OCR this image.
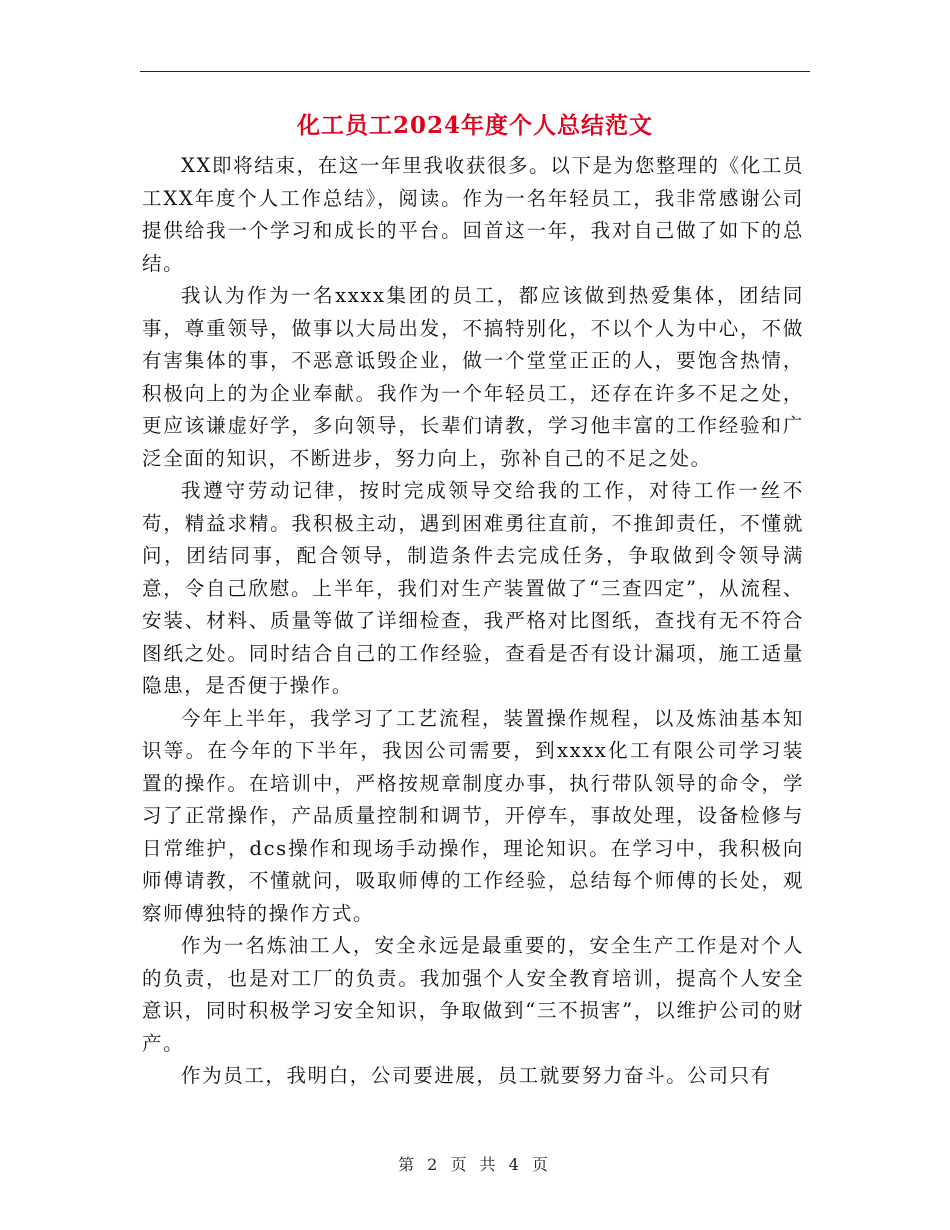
化工员工2024年度个人总结范文

XX即将结束，在这一年里我收获很多。以下是为您整理的《化工员工XX年度个人工作总结》，阅读。作为一名年轻员工，我非常感谢公司提供给我一个学习和成长的平台。回首这一年，我对自己做了如下的总结。

我认为作为一名xxxx集团的员工，都应该做到热爱集体，团结同事，尊重领导，做事以大局出发，不搞特别化，不以个人为中心，不做有害集体的事，不恶意诋毁企业，做一个堂堂正正的人，要饱含热情，积极向上的为企业奉献。我作为一个年轻员工，还存在许多不足之处，更应该谦虚好学，多向领导，长辈们请教，学习他丰富的工作经验和广泛全面的知识，不断进步，努力向上，弥补自己的不足之处。

我遵守劳动记律，按时完成领导交给我的工作，对待工作一丝不苟，精益求精。我积极主动，遇到困难勇往直前，不推卸责任，不懂就问，团结同事，配合领导，制造条件去完成任务，争取做到令领导满意，令自己欣慰。上半年，我们对生产装置做了“三查四定”，从流程、安装、材料、质量等做了详细检查，我严格对比图纸，查找有无不符合图纸之处。同时结合自己的工作经验，查看是否有设计漏项，施工适量隐患，是否便于操作。

今年上半年，我学习了工艺流程，装置操作规程，以及炼油基本知识等。在今年的下半年，我因公司需要，到xxxx化工有限公司学习装置的操作。在培训中，严格按规章制度办事，执行带队领导的命令，学习了正常操作，产品质量控制和调节，开停车，事故处理，设备检修与日常维护，dcs操作和现场手动操作，理论知识。在学习中，我积极向师傅请教，不懂就问，吸取师傅的工作经验，总结每个师傅的长处，观察师傅独特的操作方式。

作为一名炼油工人，安全永远是最重要的，安全生产工作是对个人的负责，也是对工厂的负责。我加强个人安全教育培训，提高个人安全意识，同时积极学习安全知识，争取做到“三不损害”，以维护公司的财产。

作为员工，我明白，公司要进展，员工就要努力奋斗。公司只有

第 2 页 共 4 页
